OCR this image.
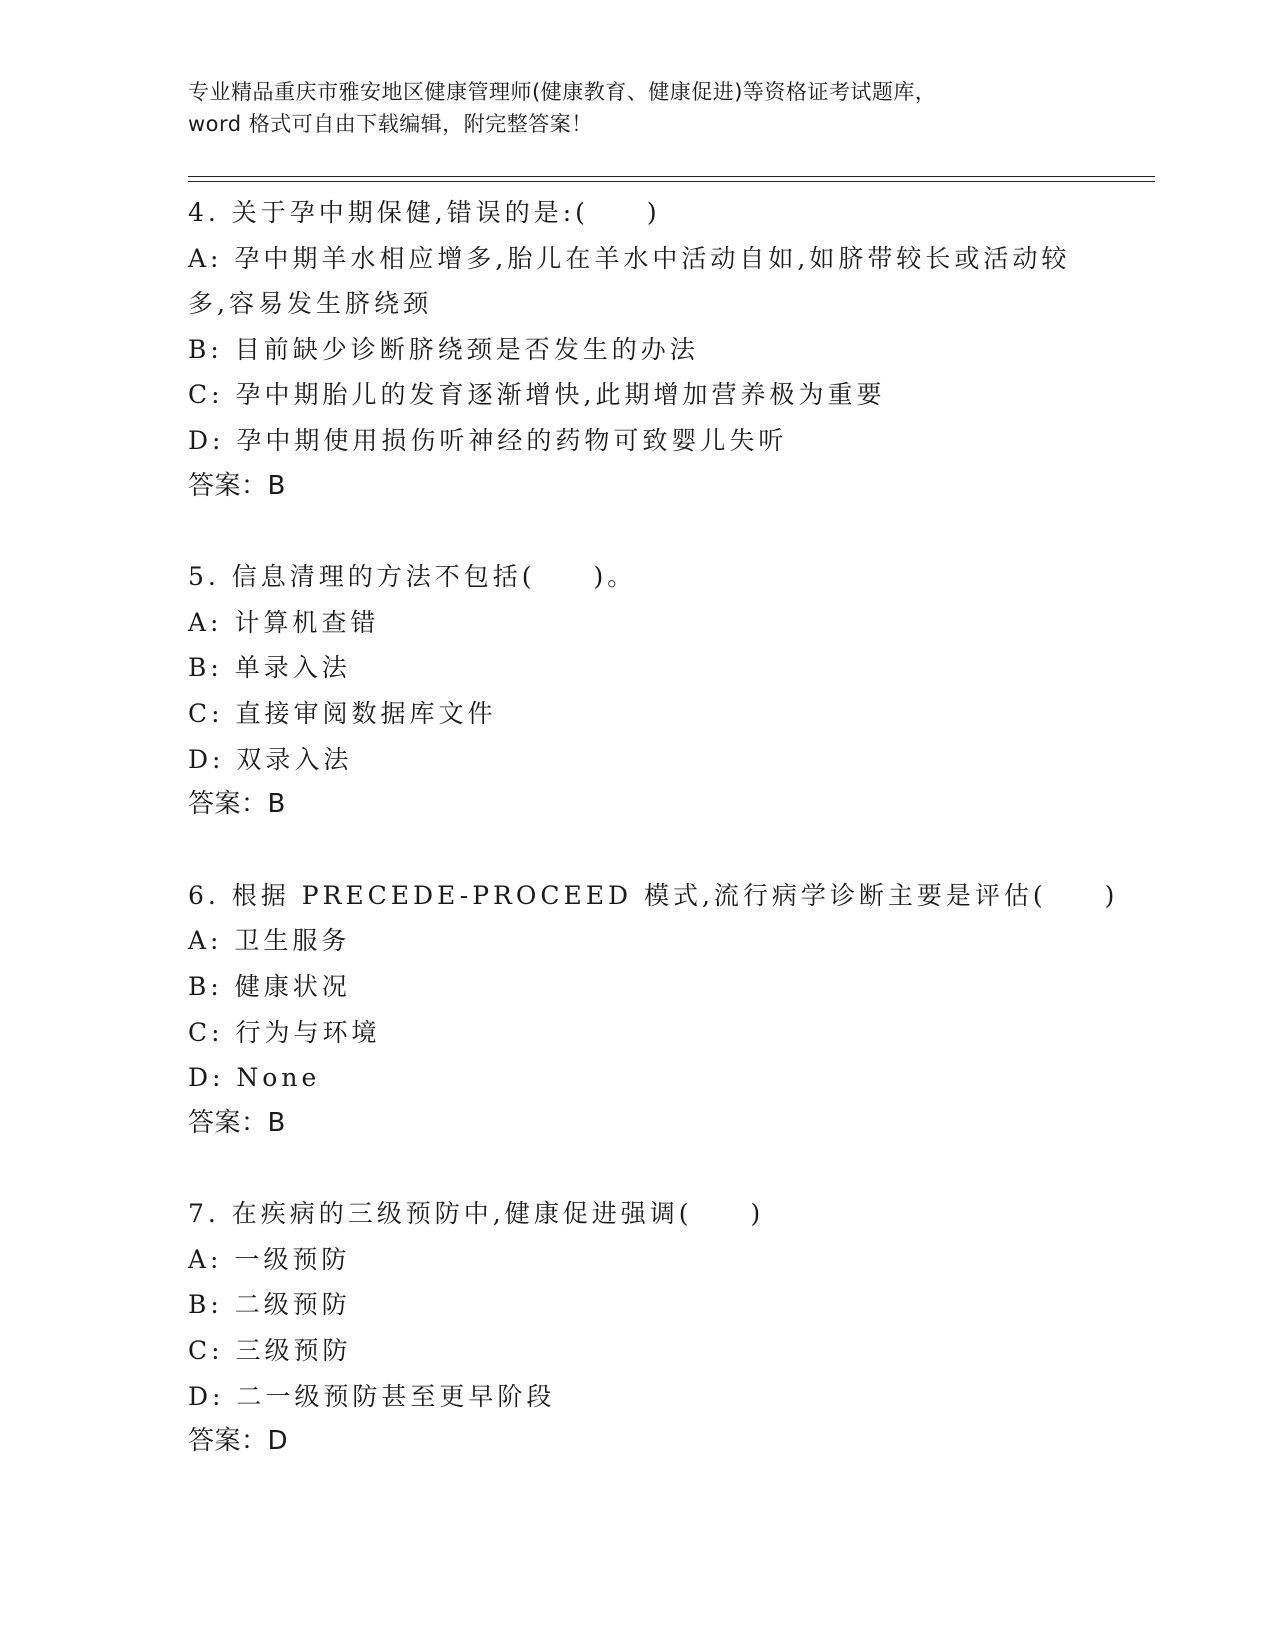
专业精品重庆市雅安地区健康管理师(健康教育、健康促进)等资格证考试题库，
word 格式可自由下载编辑，附完整答案！
4. 关于孕中期保健,错误的是:(　　)
A: 孕中期羊水相应增多,胎儿在羊水中活动自如,如脐带较长或活动较
多,容易发生脐绕颈
B: 目前缺少诊断脐绕颈是否发生的办法
C: 孕中期胎儿的发育逐渐增快,此期增加营养极为重要
D: 孕中期使用损伤听神经的药物可致婴儿失听
答案：B
5. 信息清理的方法不包括(　　)。
A: 计算机查错
B: 单录入法
C: 直接审阅数据库文件
D: 双录入法
答案：B
6. 根据 PRECEDE-PROCEED 模式,流行病学诊断主要是评估(　　)
A: 卫生服务
B: 健康状况
C: 行为与环境
D: None
答案：B
7. 在疾病的三级预防中,健康促进强调(　　)
A: 一级预防
B: 二级预防
C: 三级预防
D: 二一级预防甚至更早阶段
答案：D
